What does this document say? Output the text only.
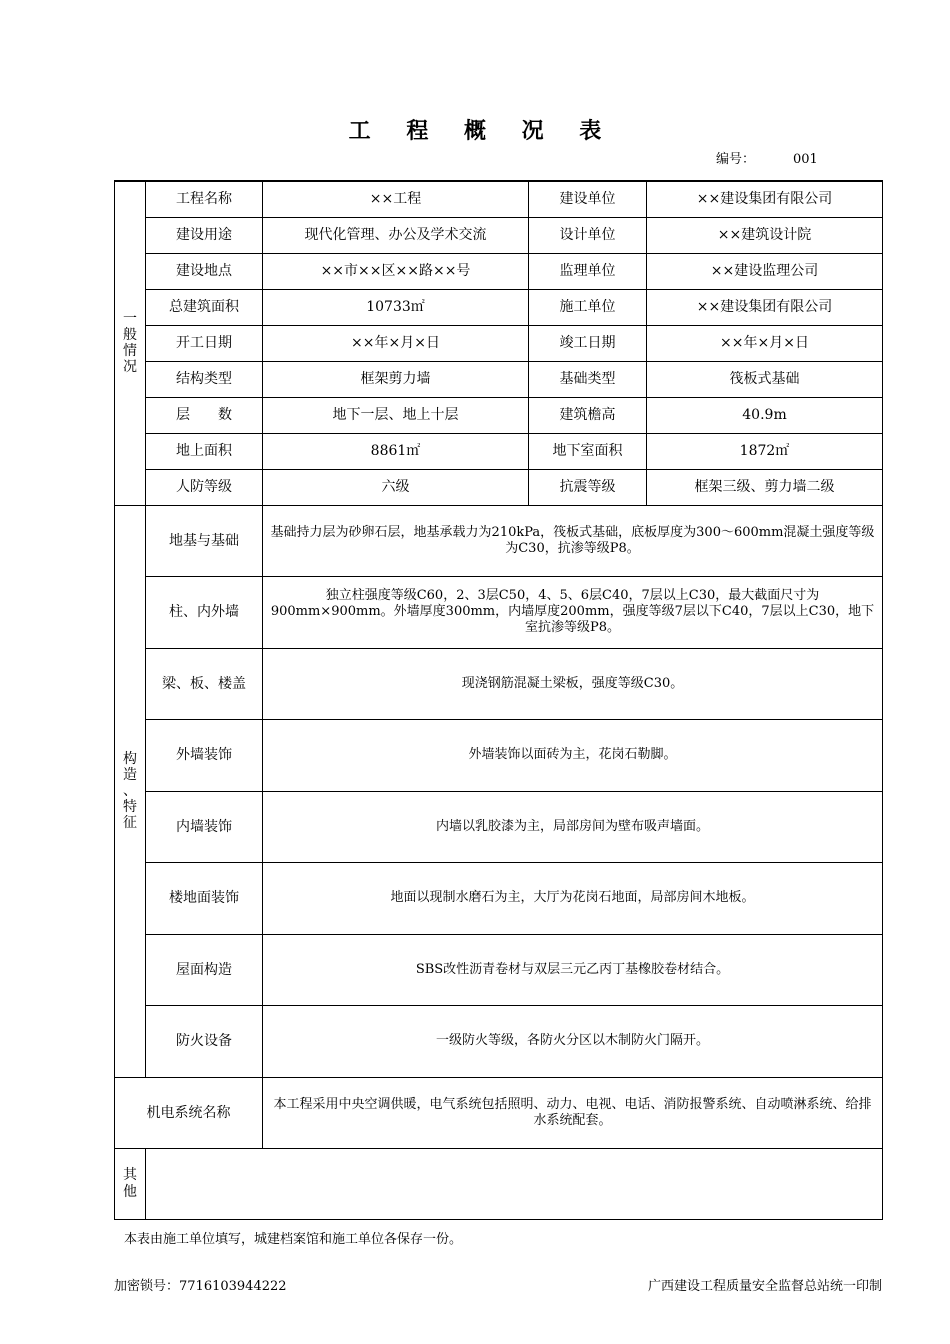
工 程 概 况 表
编号：	001
一
般
情
况	工程名称	××工程	建设单位	××建设集团有限公司
	建设用途	现代化管理、办公及学术交流	设计单位	××建筑设计院
	建设地点	××市××区××路××号	监理单位	××建设监理公司
	总建筑面积	10733㎡	施工单位	××建设集团有限公司
	开工日期	××年×月×日	竣工日期	××年×月×日
	结构类型	框架剪力墙	基础类型	筏板式基础
	层　　数	地下一层、地上十层	建筑檐高	40.9m
	地上面积	8861㎡	地下室面积	1872㎡
	人防等级	六级	抗震等级	框架三级、剪力墙二级

构
造
、
特
征	地基与基础	基础持力层为砂卵石层，地基承载力为210kPa，筏板式基础，底板厚度为300～600mm混凝土强度等级为C30，抗渗等级P8。		
	柱、内外墙	独立柱强度等级C60，2、3层C50，4、5、6层C40，7层以上C30，最大截面尺寸为900mm×900mm。外墙厚度300mm，内墙厚度200mm，强度等级7层以下C40，7层以上C30，地下室抗渗等级P8。		
	梁、板、楼盖	现浇钢筋混凝土梁板，强度等级C30。		
	外墙装饰	外墙装饰以面砖为主，花岗石勒脚。		
	内墙装饰	内墙以乳胶漆为主，局部房间为壁布吸声墙面。		
	楼地面装饰	地面以现制水磨石为主，大厅为花岗石地面，局部房间木地板。		
	屋面构造	SBS改性沥青卷材与双层三元乙丙丁基橡胶卷材结合。		
	防火设备	一级防火等级，各防火分区以木制防火门隔开。		
机电系统名称		本工程采用中央空调供暖，电气系统包括照明、动力、电视、电话、消防报警系统、自动喷淋系统、给排水系统配套。		

其
他				

本表由施工单位填写，城建档案馆和施工单位各保存一份。
加密锁号：7716103944222	广西建设工程质量安全监督总站统一印制
